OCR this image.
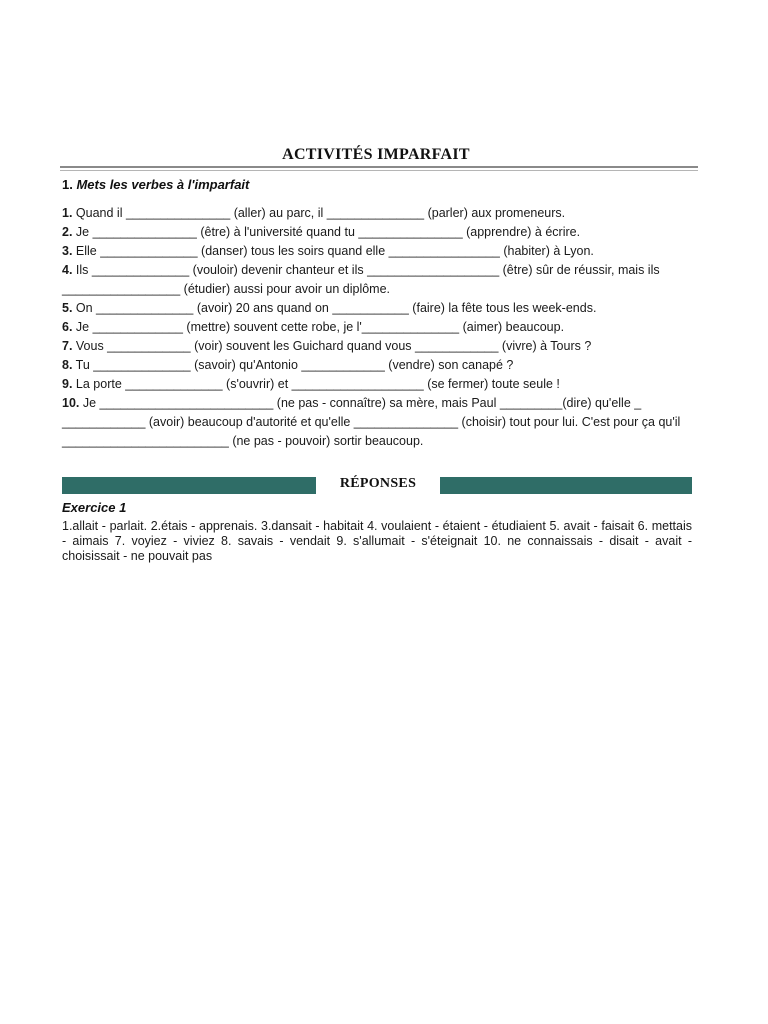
ACTIVITÉS IMPARFAIT
1. Mets les verbes à l'imparfait

1. Quand il _______________ (aller) au parc, il ______________ (parler) aux promeneurs.

2. Je _______________ (être) à l'université quand tu _______________ (apprendre) à écrire.

3. Elle ______________ (danser) tous les soirs quand elle ________________ (habiter) à Lyon.

4. Ils ______________ (vouloir) devenir chanteur et ils ___________________ (être) sûr de réussir, mais ils _________________ (étudier) aussi pour avoir un diplôme.

5. On ______________ (avoir) 20 ans quand on ___________ (faire) la fête tous les week-ends.

6. Je _____________ (mettre) souvent cette robe, je l'______________ (aimer) beaucoup.

7. Vous ____________ (voir) souvent les Guichard quand vous ____________ (vivre) à Tours ?

8. Tu ______________ (savoir) qu'Antonio ____________ (vendre) son canapé ?

9. La porte ______________ (s'ouvrir) et ___________________ (se fermer) toute seule !

10. Je _________________________ (ne pas - connaître) sa mère, mais Paul _________(dire) qu'elle _ ____________ (avoir) beaucoup d'autorité et qu'elle _______________ (choisir) tout pour lui. C'est pour ça qu'il ________________________ (ne pas - pouvoir) sortir beaucoup.

RÉPONSES
Exercice 1
1.allait - parlait. 2.étais - apprenais. 3.dansait - habitait 4. voulaient - étaient - étudiaient 5. avait - faisait 6. mettais - aimais 7. voyiez - viviez 8. savais - vendait 9. s'allumait - s'éteignait 10. ne connaissais - disait - avait - choisissait - ne pouvait pas
